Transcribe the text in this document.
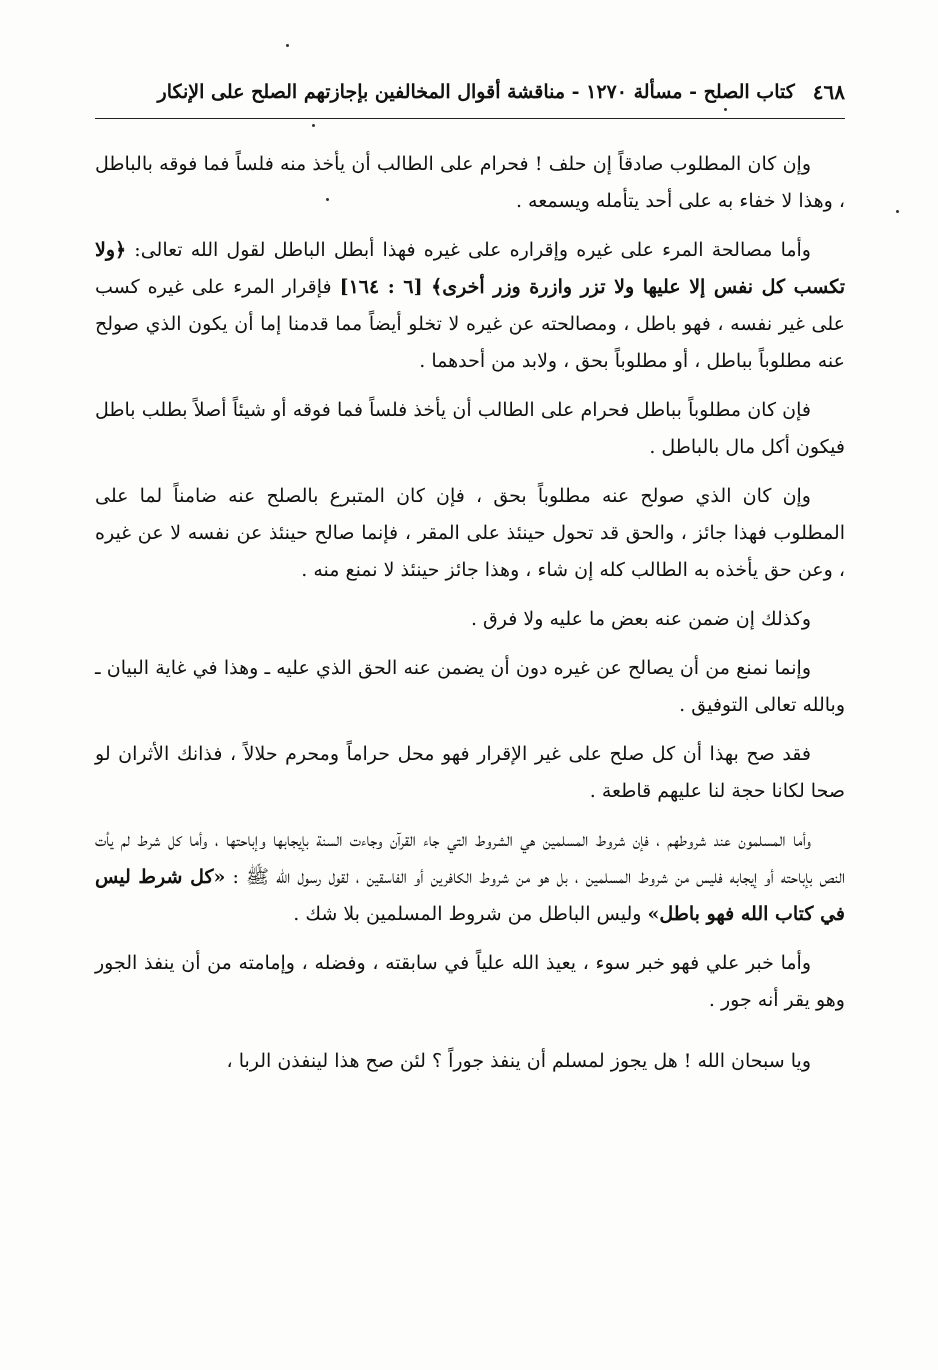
٤٦٨
كتاب الصلح - مسألة ١٢٧٠ - مناقشة أقوال المخالفين بإجازتهم الصلح على الإنكار

وإن كان المطلوب صادقاً إن حلف ! فحرام على الطالب أن يأخذ منه فلساً فما فوقه بالباطل ، وهذا لا خفاء به على أحد يتأمله ويسمعه .

وأما مصالحة المرء على غيره وإقراره على غيره فهذا أبطل الباطل لقول الله تعالى: ﴿ولا تكسب كل نفس إلا عليها ولا تزر وازرة وزر أخرى﴾ [٦ : ١٦٤] فإقرار المرء على غيره كسب على غير نفسه ، فهو باطل ، ومصالحته عن غيره لا تخلو أيضاً مما قدمنا إما أن يكون الذي صولح عنه مطلوباً بباطل ، أو مطلوباً بحق ، ولابد من أحدهما .

فإن كان مطلوباً بباطل فحرام على الطالب أن يأخذ فلساً فما فوقه أو شيئاً أصلاً بطلب باطل فيكون أكل مال بالباطل .

وإن كان الذي صولح عنه مطلوباً بحق ، فإن كان المتبرع بالصلح عنه ضامناً لما على المطلوب فهذا جائز ، والحق قد تحول حينئذ على المقر ، فإنما صالح حينئذ عن نفسه لا عن غيره ، وعن حق يأخذه به الطالب كله إن شاء ، وهذا جائز حينئذ لا نمنع منه .

وكذلك إن ضمن عنه بعض ما عليه ولا فرق .

وإنما نمنع من أن يصالح عن غيره دون أن يضمن عنه الحق الذي عليه ـ وهذا في غاية البيان ـ وبالله تعالى التوفيق .

فقد صح بهذا أن كل صلح على غير الإقرار فهو محل حراماً ومحرم حلالاً ، فذانك الأثران لو صحا لكانا حجة لنا عليهم قاطعة .

وأما المسلمون عند شروطهم ، فإن شروط المسلمين هي الشروط التي جاء القرآن وجاءت السنة بإيجابها وإباحتها ، وأما كل شرط لم يأت النص بإباحته أو إيجابه فليس من شروط المسلمين ، بل هو من شروط الكافرين أو الفاسقين ، لقول رسول الله ﷺ : «كل شرط ليس في كتاب الله فهو باطل» وليس الباطل من شروط المسلمين بلا شك .

وأما خبر علي فهو خبر سوء ، يعيذ الله علياً في سابقته ، وفضله ، وإمامته من أن ينفذ الجور وهو يقر أنه جور .

ويا سبحان الله ! هل يجوز لمسلم أن ينفذ جوراً ؟ لئن صح هذا لينفذن الربا ،
